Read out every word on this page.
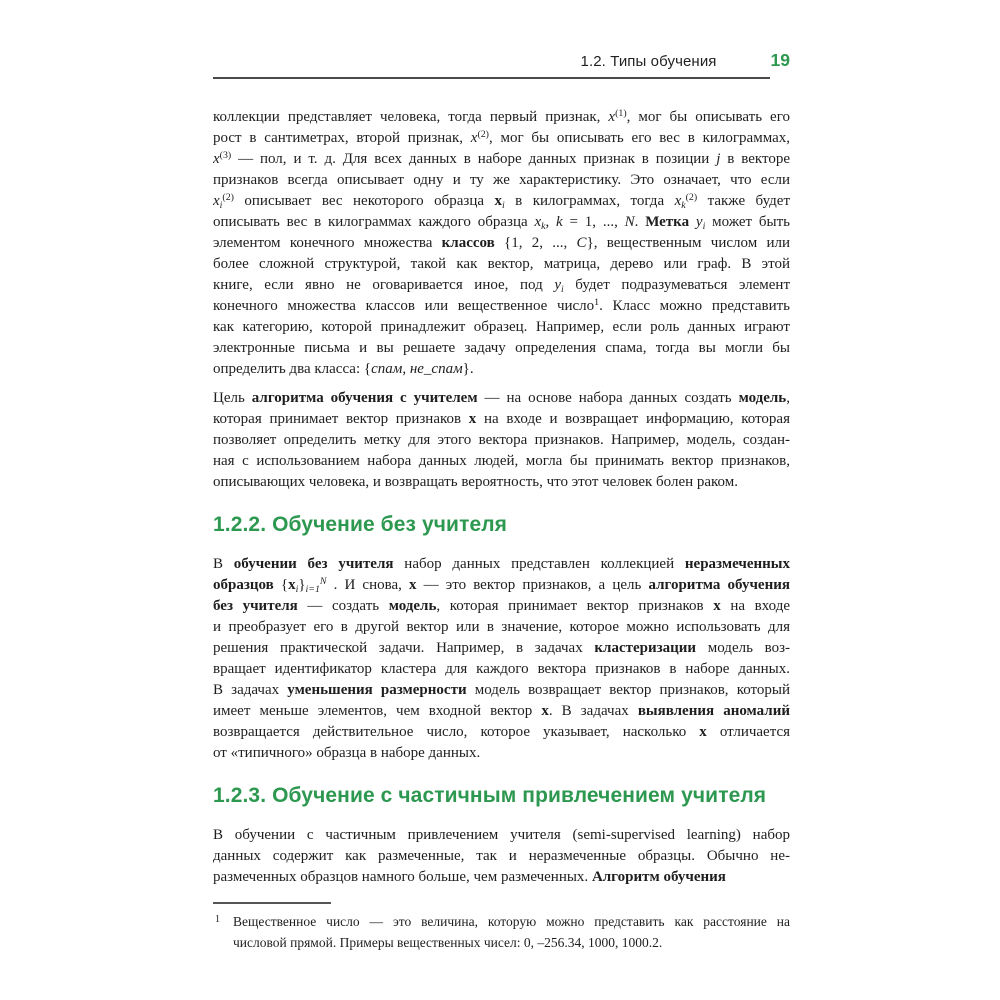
1.2. Типы обучения	19
коллекции представляет человека, тогда первый признак, $x^{(1)}$, мог бы описывать его
рост в сантиметрах, второй признак, $x^{(2)}$, мог бы описывать его вес в килограммах,
$x^{(3)}$ — пол, и т. д. Для всех данных в наборе данных признак в позиции j в векторе
признаков всегда описывает одну и ту же характеристику. Это означает, что если
$xi^{(2)}$ описывает вес некоторого образца xi в килограммах, тогда $xk^{(2)}$ также будет
описывать вес в килограммах каждого образца xk, k = 1, ..., N. Метка yi может быть
элементом конечного множества классов {1, 2, ..., C}, вещественным числом или
более сложной структурой, такой как вектор, матрица, дерево или граф. В этой
книге, если явно не оговаривается иное, под yi будет подразумеваться элемент
конечного множества классов или вещественное число$^1$. Класс можно представить
как категорию, которой принадлежит образец. Например, если роль данных играют
электронные письма и вы решаете задачу определения спама, тогда вы могли бы
определить два класса: {спам, не_спам}.
Цель алгоритма обучения с учителем — на основе набора данных создать модель,
которая принимает вектор признаков x на входе и возвращает информацию, которая
позволяет определить метку для этого вектора признаков. Например, модель, создан-
ная с использованием набора данных людей, могла бы принимать вектор признаков,
описывающих человека, и возвращать вероятность, что этот человек болен раком.
1.2.2. Обучение без учителя
В обучении без учителя набор данных представлен коллекцией неразмеченных
образцов $\{xi\}i=1^N$ . И снова, x — это вектор признаков, а цель алгоритма обучения
без учителя — создать модель, которая принимает вектор признаков x на входе
и преобразует его в другой вектор или в значение, которое можно использовать для
решения практической задачи. Например, в задачах кластеризации модель воз-
вращает идентификатор кластера для каждого вектора признаков в наборе данных.
В задачах уменьшения размерности модель возвращает вектор признаков, который
имеет меньше элементов, чем входной вектор x. В задачах выявления аномалий
возвращается действительное число, которое указывает, насколько x отличается
от «типичного» образца в наборе данных.
1.2.3. Обучение с частичным привлечением учителя
В обучении с частичным привлечением учителя (semi-supervised learning) набор
данных содержит как размеченные, так и неразмеченные образцы. Обычно не-
размеченных образцов намного больше, чем размеченных. Алгоритм обучения
1 Вещественное число — это величина, которую можно представить как расстояние на
числовой прямой. Примеры вещественных чисел: 0, –256.34, 1000, 1000.2.
